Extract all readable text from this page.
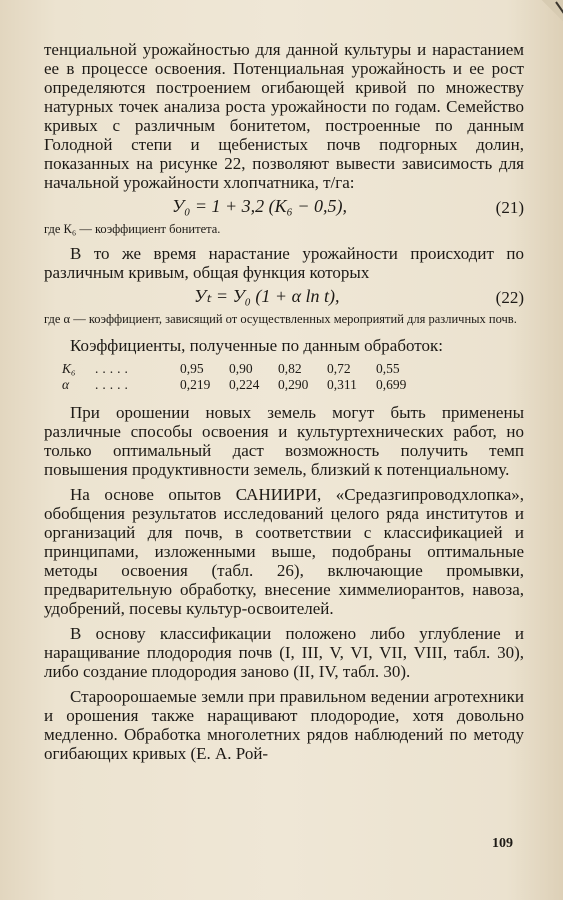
тенциальной урожайностью для данной культуры и нарастанием ее в процессе освоения. Потенциальная урожайность и ее рост определяются построением огибающей кривой по множеству натурных точек анализа роста урожайности по годам. Семейство кривых с различным бонитетом, построенные по данным Голодной степи и щебенистых почв подгорных долин, показанных на рисунке 22, позволяют вывести зависимость для начальной урожайности хлопчатника, т/га:

У₀ = 1 + 3,2 (К₆ − 0,5),	(21)

где К₆ — коэффициент бонитета.

В то же время нарастание урожайности происходит по различным кривым, общая функция которых

Уₜ = У₀ (1 + α ln t),	(22)

где α — коэффициент, зависящий от осуществленных мероприятий для различных почв.

Коэффициенты, полученные по данным обработок:

К₆	.....	0,95	0,90	0,82	0,72	0,55
α	.....	0,219	0,224	0,290	0,311	0,699

При орошении новых земель могут быть применены различные способы освоения и культуртехнических работ, но только оптимальный даст возможность получить темп повышения продуктивности земель, близкий к потенциальному.

На основе опытов САНИИРИ, «Средазгипроводхлопка», обобщения результатов исследований целого ряда институтов и организаций для почв, в соответствии с классификацией и принципами, изложенными выше, подобраны оптимальные методы освоения (табл. 26), включающие промывки, предварительную обработку, внесение химмелиорантов, навоза, удобрений, посевы культур-освоителей.

В основу классификации положено либо углубление и наращивание плодородия почв (I, III, V, VI, VII, VIII, табл. 30), либо создание плодородия заново (II, IV, табл. 30).

Староорошаемые земли при правильном ведении агротехники и орошения также наращивают плодородие, хотя довольно медленно. Обработка многолетних рядов наблюдений по методу огибающих кривых (Е. А. Рой-

109
